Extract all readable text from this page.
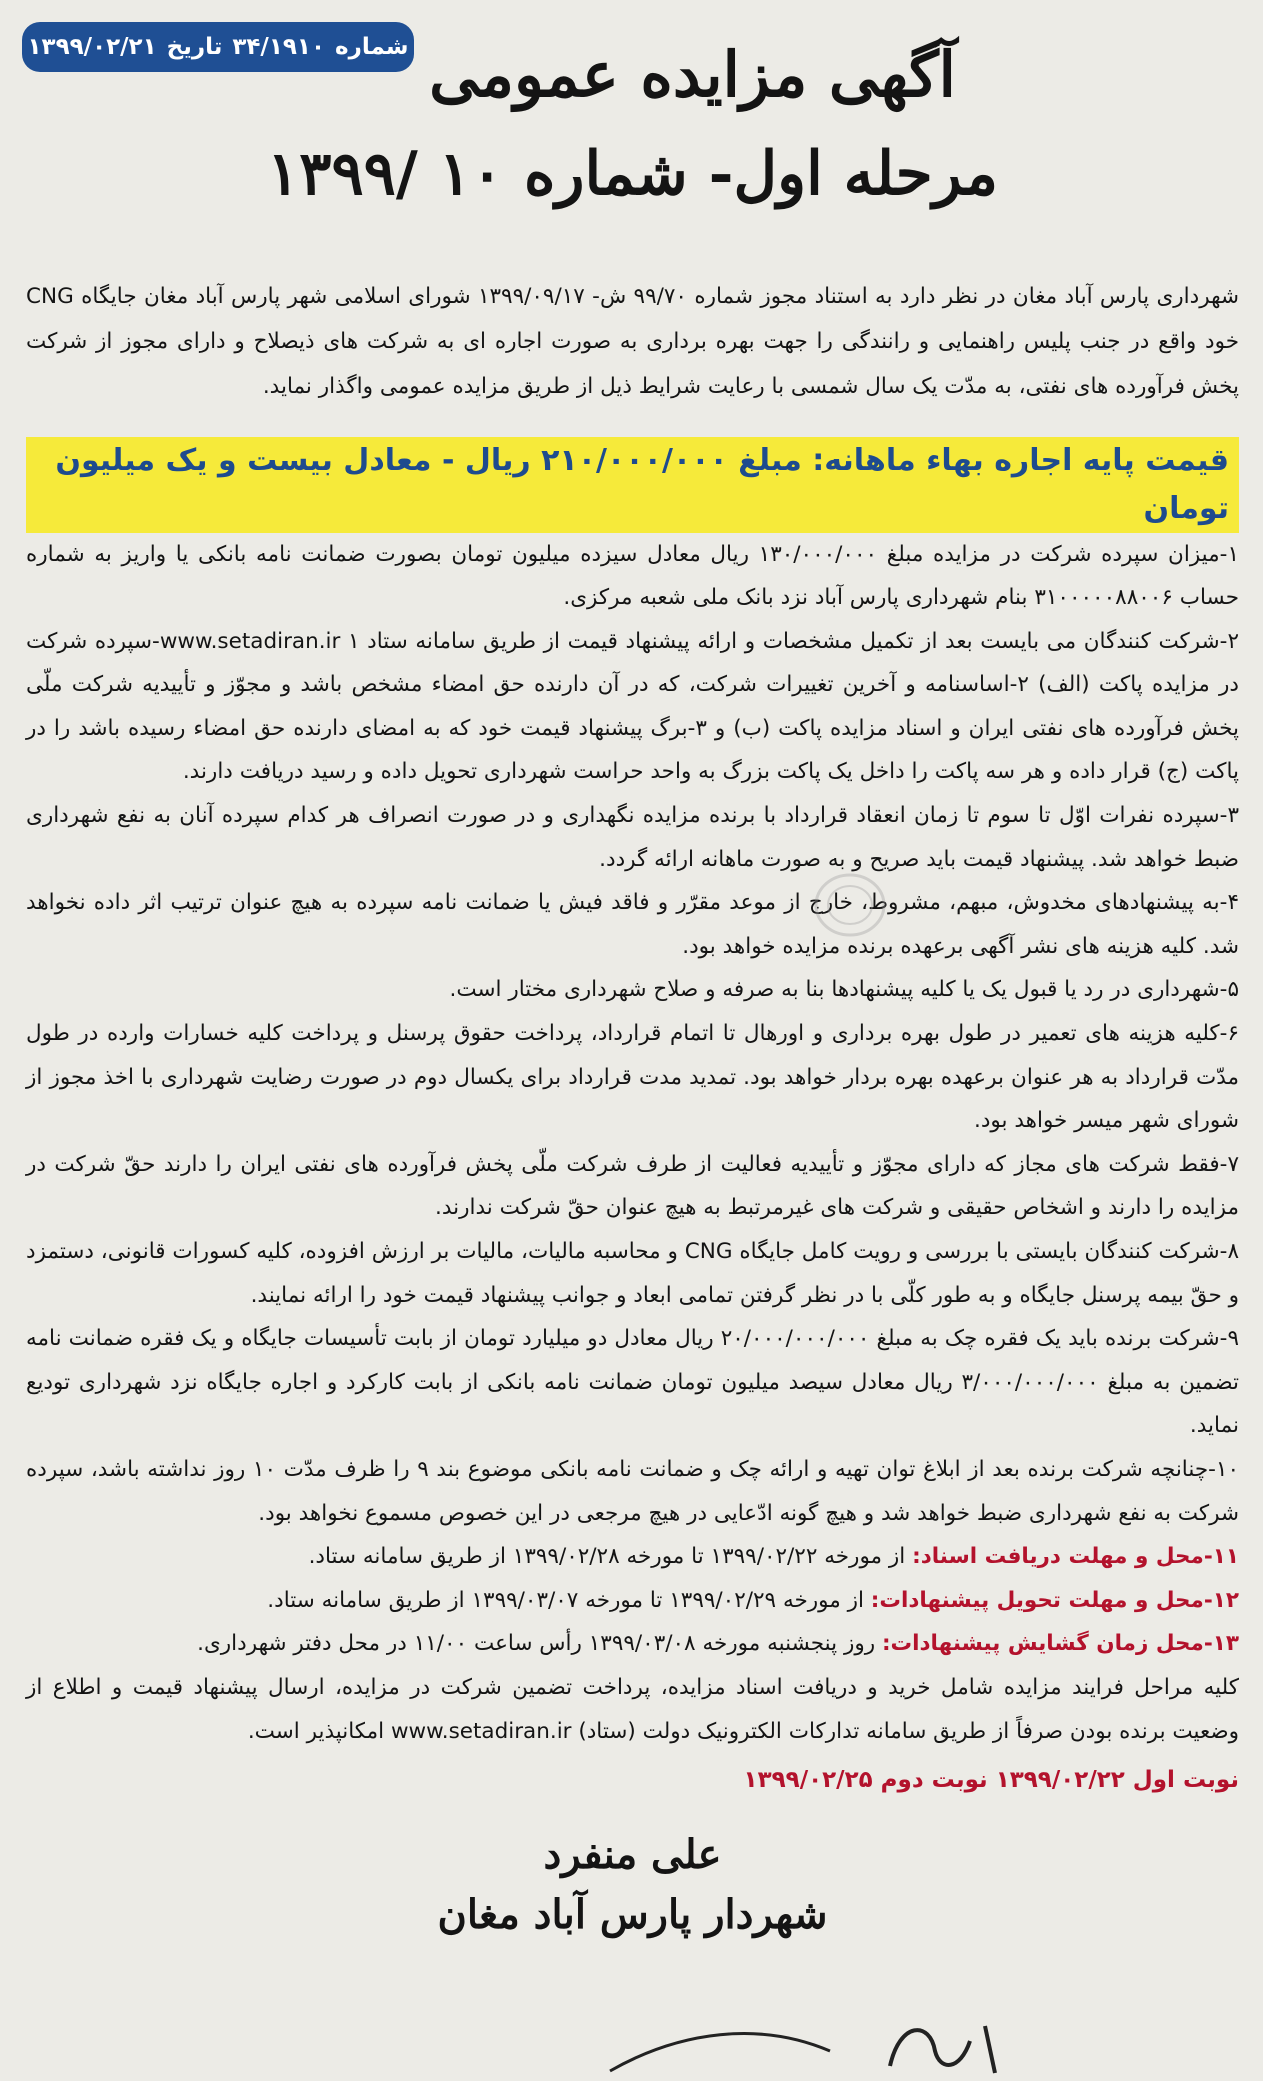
شماره
۳۴/۱۹۱۰
تاریخ
۱۳۹۹/۰۲/۲۱	آگهی مزایده عمومی
مرحله اول- شماره ۱۰ /۱۳۹۹

شهرداری پارس آباد مغان در نظر دارد به استناد مجوز شماره ۹۹/۷۰ ش- ۱۳۹۹/۰۹/۱۷ شورای اسلامی شهر پارس آباد مغان جایگاه CNG خود واقع در جنب پلیس راهنمایی و رانندگی را جهت بهره برداری به صورت اجاره ای به شرکت های ذیصلاح و دارای مجوز از شرکت پخش فرآورده های نفتی، به مدّت یک سال شمسی با رعایت شرایط ذیل از طریق مزایده عمومی واگذار نماید.

قیمت پایه اجاره بهاء ماهانه: مبلغ ۲۱۰/۰۰۰/۰۰۰ ریال - معادل بیست و یک میلیون تومان

۱-میزان سپرده شرکت در مزایده مبلغ ۱۳۰/۰۰۰/۰۰۰ ریال معادل سیزده میلیون تومان بصورت ضمانت نامه بانکی یا واریز به شماره حساب ۳۱۰۰۰۰۰۸۸۰۰۶ بنام شهرداری پارس آباد نزد بانک ملی شعبه مرکزی.

۲-شرکت کنندگان می بایست بعد از تکمیل مشخصات و ارائه پیشنهاد قیمت از طریق سامانه ستاد www.setadiran.ir ۱-سپرده شرکت در مزایده پاکت (الف) ۲-اساسنامه و آخرین تغییرات شرکت، که در آن دارنده حق امضاء مشخص باشد و مجوّز و تأییدیه شرکت ملّی پخش فرآورده های نفتی ایران و اسناد مزایده پاکت (ب) و ۳-برگ پیشنهاد قیمت خود که به امضای دارنده حق امضاء رسیده باشد را در پاکت (ج) قرار داده و هر سه پاکت را داخل یک پاکت بزرگ به واحد حراست شهرداری تحویل داده و رسید دریافت دارند.

۳-سپرده نفرات اوّل تا سوم تا زمان انعقاد قرارداد با برنده مزایده نگهداری و در صورت انصراف هر کدام سپرده آنان به نفع شهرداری ضبط خواهد شد. پیشنهاد قیمت باید صریح و به صورت ماهانه ارائه گردد.

۴-به پیشنهادهای مخدوش، مبهم، مشروط، خارج از موعد مقرّر و فاقد فیش یا ضمانت نامه سپرده به هیچ عنوان ترتیب اثر داده نخواهد شد. کلیه هزینه های نشر آگهی برعهده برنده مزایده خواهد بود.

۵-شهرداری در رد یا قبول یک یا کلیه پیشنهادها بنا به صرفه و صلاح شهرداری مختار است.

۶-کلیه هزینه های تعمیر در طول بهره برداری و اورهال تا اتمام قرارداد، پرداخت حقوق پرسنل و پرداخت کلیه خسارات وارده در طول مدّت قرارداد به هر عنوان برعهده بهره بردار خواهد بود. تمدید مدت قرارداد برای یکسال دوم در صورت رضایت شهرداری با اخذ مجوز از شورای شهر میسر خواهد بود.

۷-فقط شرکت های مجاز که دارای مجوّز و تأییدیه فعالیت از طرف شرکت ملّی پخش فرآورده های نفتی ایران را دارند حقّ شرکت در مزایده را دارند و اشخاص حقیقی و شرکت های غیرمرتبط به هیچ عنوان حقّ شرکت ندارند.

۸-شرکت کنندگان بایستی با بررسی و رویت کامل جایگاه CNG و محاسبه مالیات، مالیات بر ارزش افزوده، کلیه کسورات قانونی، دستمزد و حقّ بیمه پرسنل جایگاه و به طور کلّی با در نظر گرفتن تمامی ابعاد و جوانب پیشنهاد قیمت خود را ارائه نمایند.

۹-شرکت برنده باید یک فقره چک به مبلغ ۲۰/۰۰۰/۰۰۰/۰۰۰ ریال معادل دو میلیارد تومان از بابت تأسیسات جایگاه و یک فقره ضمانت نامه تضمین به مبلغ ۳/۰۰۰/۰۰۰/۰۰۰ ریال معادل سیصد میلیون تومان ضمانت نامه بانکی از بابت کارکرد و اجاره جایگاه نزد شهرداری تودیع نماید.

۱۰-چنانچه شرکت برنده بعد از ابلاغ توان تهیه و ارائه چک و ضمانت نامه بانکی موضوع بند ۹ را ظرف مدّت ۱۰ روز نداشته باشد، سپرده شرکت به نفع شهرداری ضبط خواهد شد و هیچ گونه ادّعایی در هیچ مرجعی در این خصوص مسموع نخواهد بود.

۱۱-محل و مهلت دریافت اسناد: از مورخه ۱۳۹۹/۰۲/۲۲ تا مورخه ۱۳۹۹/۰۲/۲۸ از طریق سامانه ستاد.

۱۲-محل و مهلت تحویل پیشنهادات: از مورخه ۱۳۹۹/۰۲/۲۹ تا مورخه ۱۳۹۹/۰۳/۰۷ از طریق سامانه ستاد.

۱۳-محل زمان گشایش پیشنهادات: روز پنجشنبه مورخه ۱۳۹۹/۰۳/۰۸ رأس ساعت ۱۱/۰۰ در محل دفتر شهرداری.

کلیه مراحل فرایند مزایده شامل خرید و دریافت اسناد مزایده، پرداخت تضمین شرکت در مزایده، ارسال پیشنهاد قیمت و اطلاع از وضعیت برنده بودن صرفاً از طریق سامانه تدارکات الکترونیک دولت (ستاد) www.setadiran.ir امکانپذیر است.

نوبت اول ۱۳۹۹/۰۲/۲۲ نوبت دوم ۱۳۹۹/۰۲/۲۵

علی منفرد
شهردار پارس آباد مغان
